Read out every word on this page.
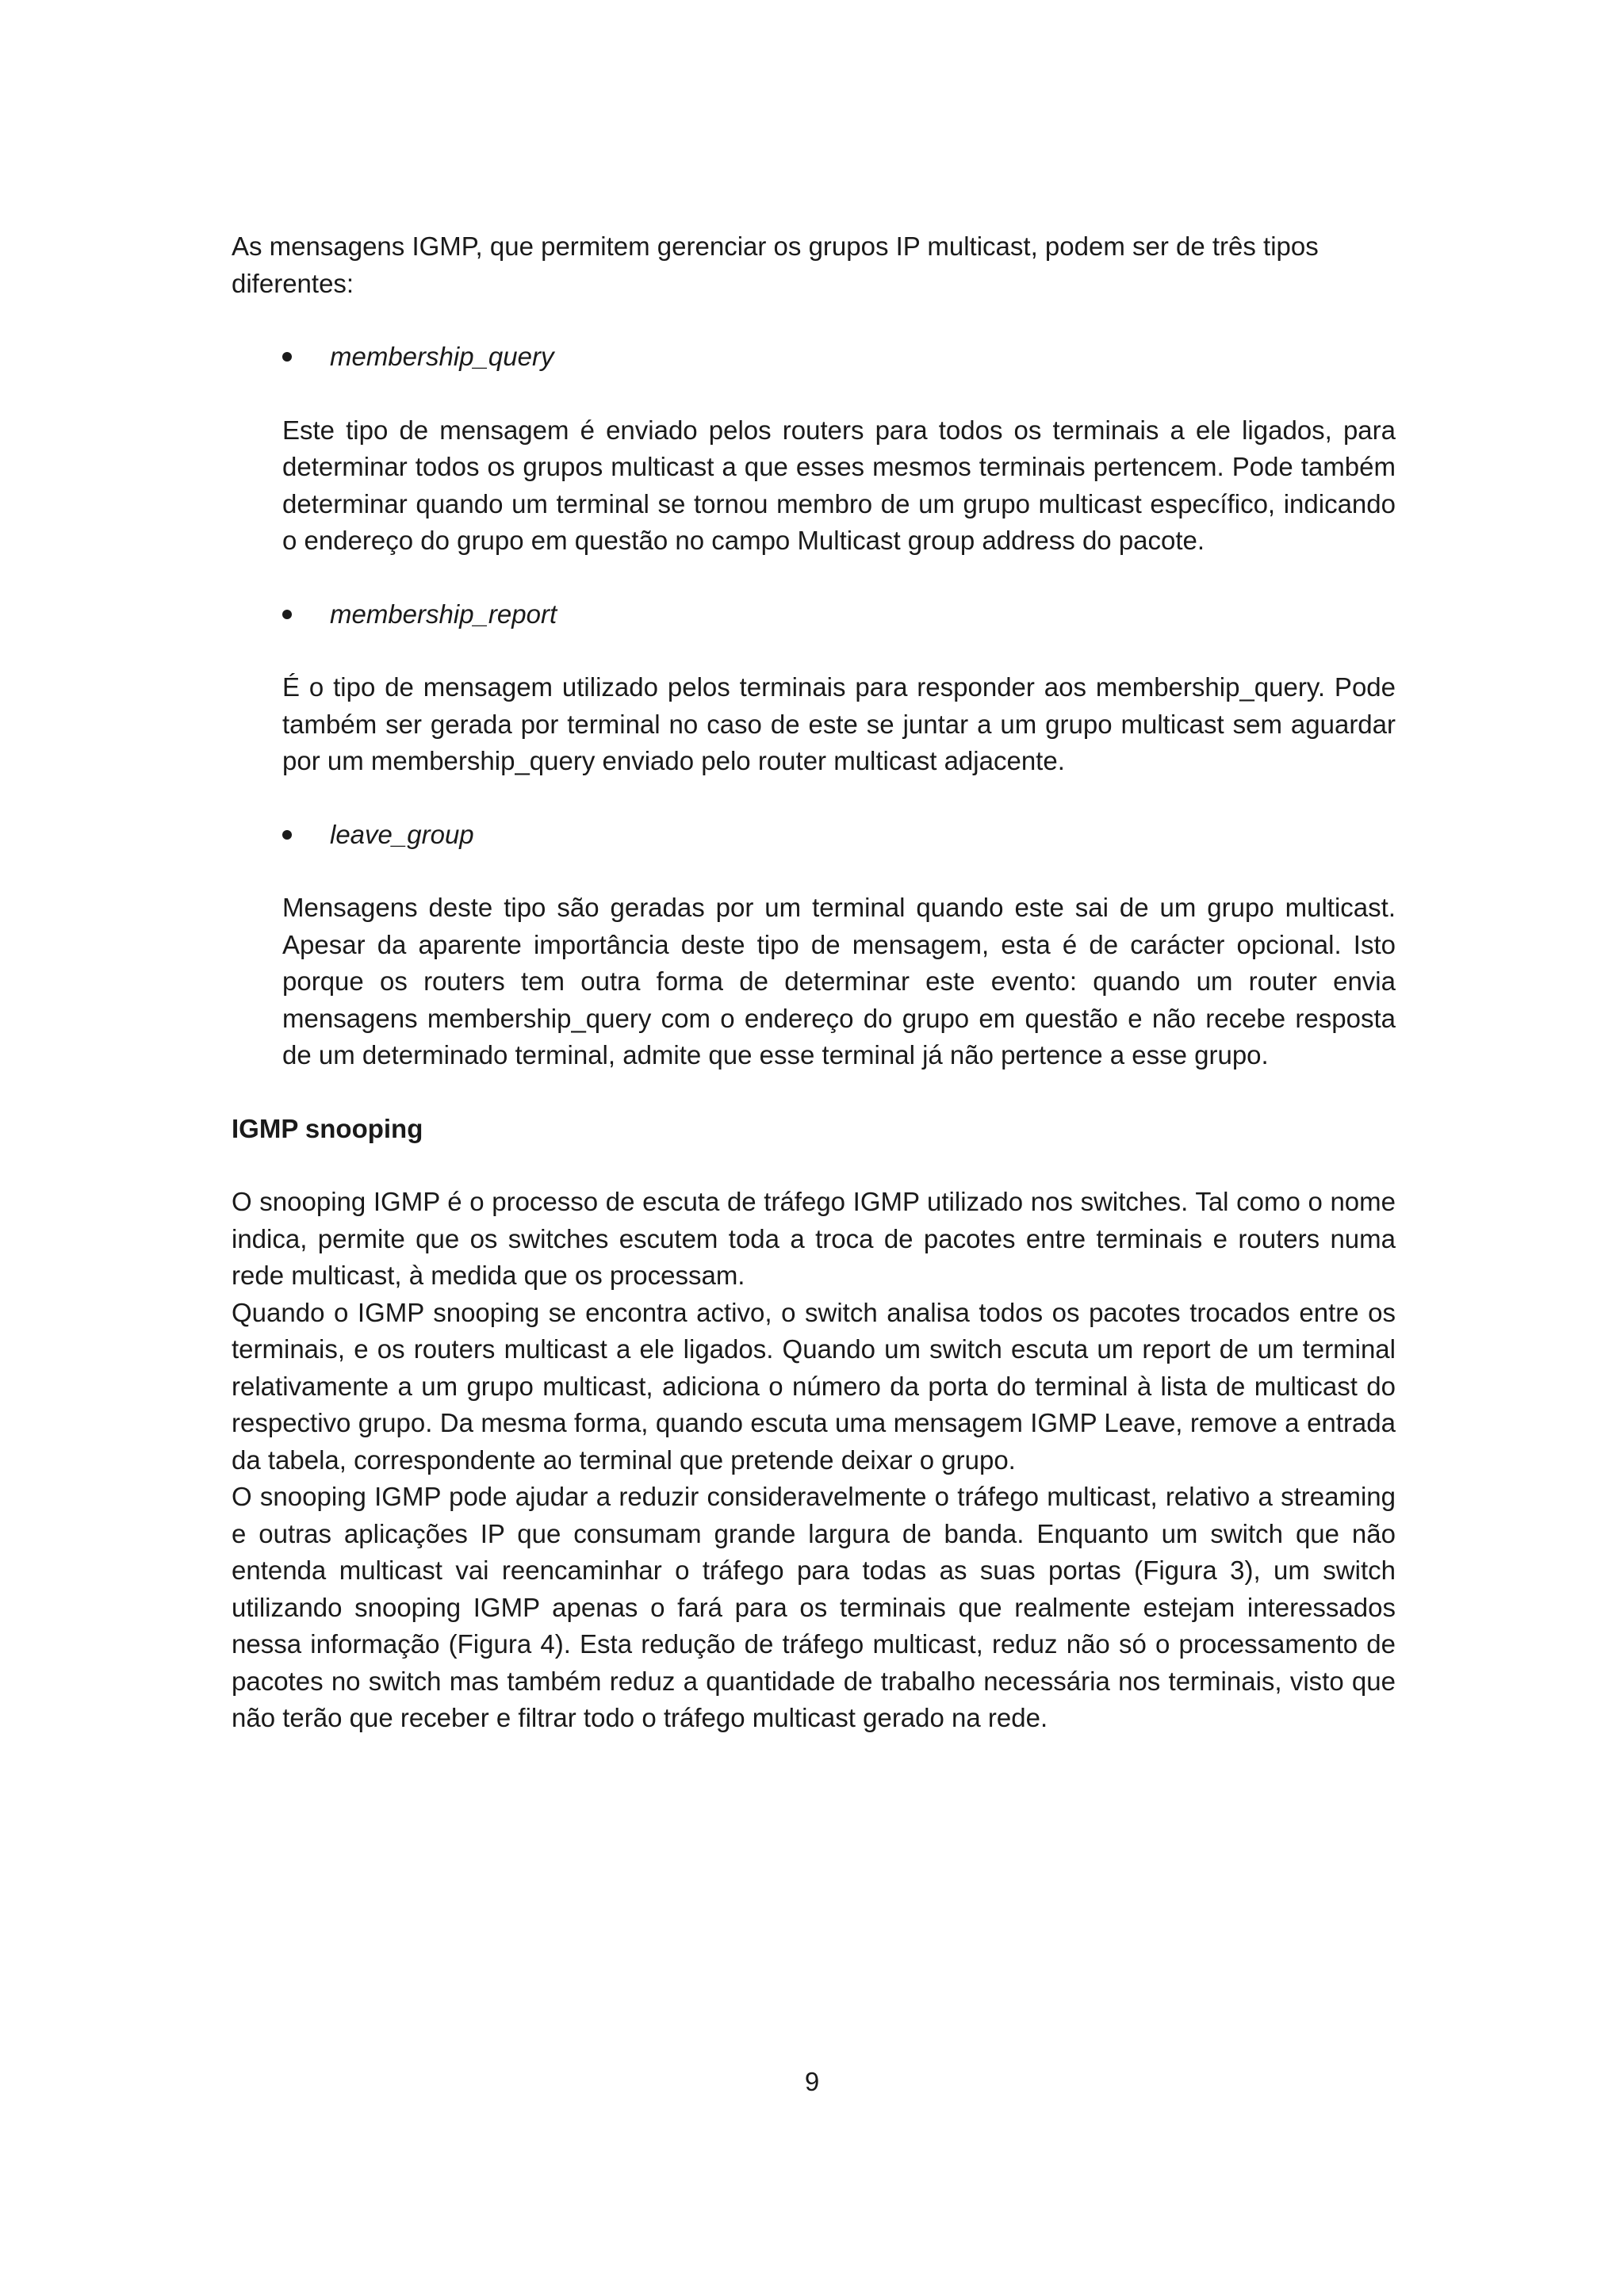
As mensagens IGMP, que permitem gerenciar os grupos IP multicast, podem ser de três tipos diferentes:

membership_query

Este tipo de mensagem é enviado pelos routers para todos os terminais a ele ligados, para determinar todos os grupos multicast a que esses mesmos terminais pertencem. Pode também determinar quando um terminal se tornou membro de um grupo multicast específico, indicando o endereço do grupo em questão no campo Multicast group address do pacote.

membership_report

É o tipo de mensagem utilizado pelos terminais para responder aos membership_query. Pode também ser gerada por terminal no caso de este se juntar a um grupo multicast sem aguardar por um membership_query enviado pelo router multicast adjacente.

leave_group

Mensagens deste tipo são geradas por um terminal quando este sai de um grupo multicast. Apesar da aparente importância deste tipo de mensagem, esta é de carácter opcional. Isto porque os routers tem outra forma de determinar este evento: quando um router envia mensagens membership_query com o endereço do grupo em questão e não recebe resposta de um determinado terminal, admite que esse terminal já não pertence a esse grupo.

IGMP snooping

O snooping IGMP é o processo de escuta de tráfego IGMP utilizado nos switches. Tal como o nome indica, permite que os switches escutem toda a troca de pacotes entre terminais e routers numa rede multicast, à medida que os processam.

Quando o IGMP snooping se encontra activo, o switch analisa todos os pacotes trocados entre os terminais, e os routers multicast a ele ligados. Quando um switch escuta um report de um terminal relativamente a um grupo multicast, adiciona o número da porta do terminal à lista de multicast do respectivo grupo. Da mesma forma, quando escuta uma mensagem IGMP Leave, remove a entrada da tabela, correspondente ao terminal que pretende deixar o grupo.

O snooping IGMP pode ajudar a reduzir consideravelmente o tráfego multicast, relativo a streaming e outras aplicações IP que consumam grande largura de banda. Enquanto um switch que não entenda multicast vai reencaminhar o tráfego para todas as suas portas (Figura 3), um switch utilizando snooping IGMP apenas o fará para os terminais que realmente estejam interessados nessa informação (Figura 4). Esta redução de tráfego multicast, reduz não só o processamento de pacotes no switch mas também reduz a quantidade de trabalho necessária nos terminais, visto que não terão que receber e filtrar todo o tráfego multicast gerado na rede.

9
